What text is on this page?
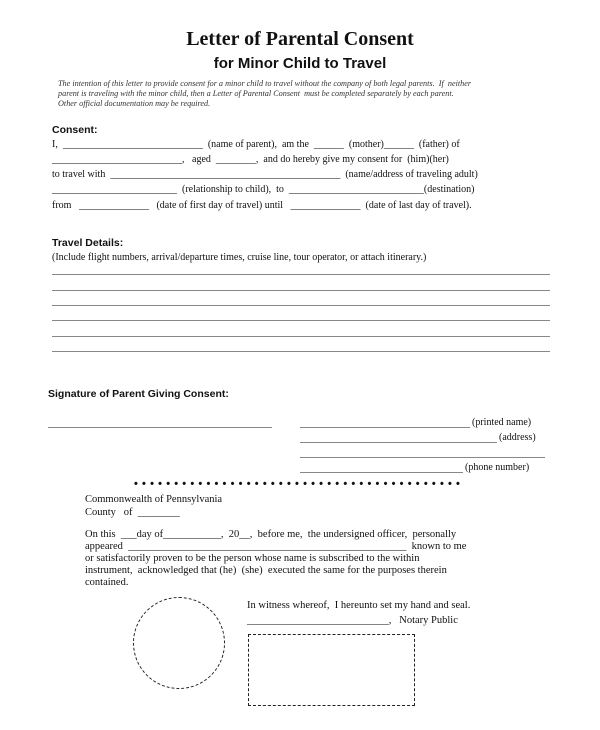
Letter of Parental Consent
for Minor Child to Travel
The intention of this letter to provide consent for a minor child to travel without the company of both legal parents.  If  neither
parent is traveling with the minor child, then a Letter of Parental Consent  must be completed separately by each parent.
Other official documentation may be required.
Consent:
I,  ____________________________  (name of parent),  am the  ______  (mother)______  (father) of
__________________________,   aged  ________,  and do hereby give my consent for  (him)(her)
to travel with  ______________________________________________  (name/address of traveling adult)
_________________________  (relationship to child),  to  ___________________________(destination)
from   ______________   (date of first day of travel) until   ______________  (date of last day of travel).
Travel Details:
(Include flight numbers, arrival/departure times, cruise line, tour operator, or attach itinerary.)
Signature of Parent Giving Consent:
(printed name)
(address)
(phone number)
•••••••••••••••••••••••••••••••••••••••••
Commonwealth of Pennsylvania
County   of  ________
On this  ___day of___________,  20__,  before me,  the undersigned officer,  personally
appeared  _____________________________________________________  known to me
or satisfactorily proven to be the person whose name is subscribed to the within
instrument,  acknowledged that (he)  (she)  executed the same for the purposes therein
contained.
In witness whereof,  I hereunto set my hand and seal.
___________________________,   Notary Public
